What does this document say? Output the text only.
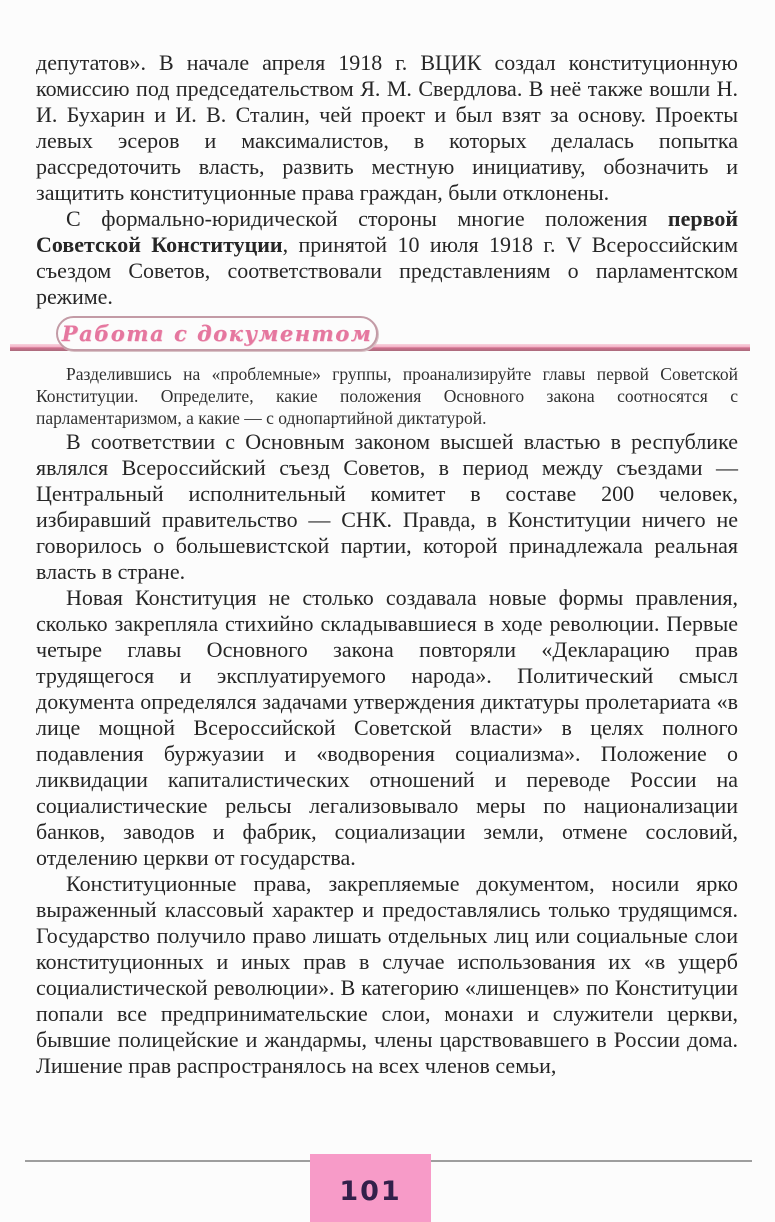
депутатов». В начале апреля 1918 г. ВЦИК создал конституционную комиссию под председательством Я. М. Свердлова. В неё также вошли Н. И. Бухарин и И. В. Сталин, чей проект и был взят за основу. Проекты левых эсеров и максималистов, в которых делалась попытка рассредоточить власть, развить местную инициативу, обозначить и защитить конституционные права граждан, были отклонены.

С формально-юридической стороны многие положения первой Советской Конституции, принятой 10 июля 1918 г. V Всероссийским съездом Советов, соответствовали представлениям о парламентском режиме.

Работа с документом

Разделившись на «проблемные» группы, проанализируйте главы первой Советской Конституции. Определите, какие положения Основного закона соотносятся с парламентаризмом, а какие — с однопартийной диктатурой.

В соответствии с Основным законом высшей властью в республике являлся Всероссийский съезд Советов, в период между съездами — Центральный исполнительный комитет в составе 200 человек, избиравший правительство — СНК. Правда, в Конституции ничего не говорилось о большевистской партии, которой принадлежала реальная власть в стране.

Новая Конституция не столько создавала новые формы правления, сколько закрепляла стихийно складывавшиеся в ходе революции. Первые четыре главы Основного закона повторяли «Декларацию прав трудящегося и эксплуатируемого народа». Политический смысл документа определялся задачами утверждения диктатуры пролетариата «в лице мощной Всероссийской Советской власти» в целях полного подавления буржуазии и «водворения социализма». Положение о ликвидации капиталистических отношений и переводе России на социалистические рельсы легализовывало меры по национализации банков, заводов и фабрик, социализации земли, отмене сословий, отделению церкви от государства.

Конституционные права, закрепляемые документом, носили ярко выраженный классовый характер и предоставлялись только трудящимся. Государство получило право лишать отдельных лиц или социальные слои конституционных и иных прав в случае использования их «в ущерб социалистической революции». В категорию «лишенцев» по Конституции попали все предпринимательские слои, монахи и служители церкви, бывшие полицейские и жандармы, члены царствовавшего в России дома. Лишение прав распространялось на всех членов семьи,

101
